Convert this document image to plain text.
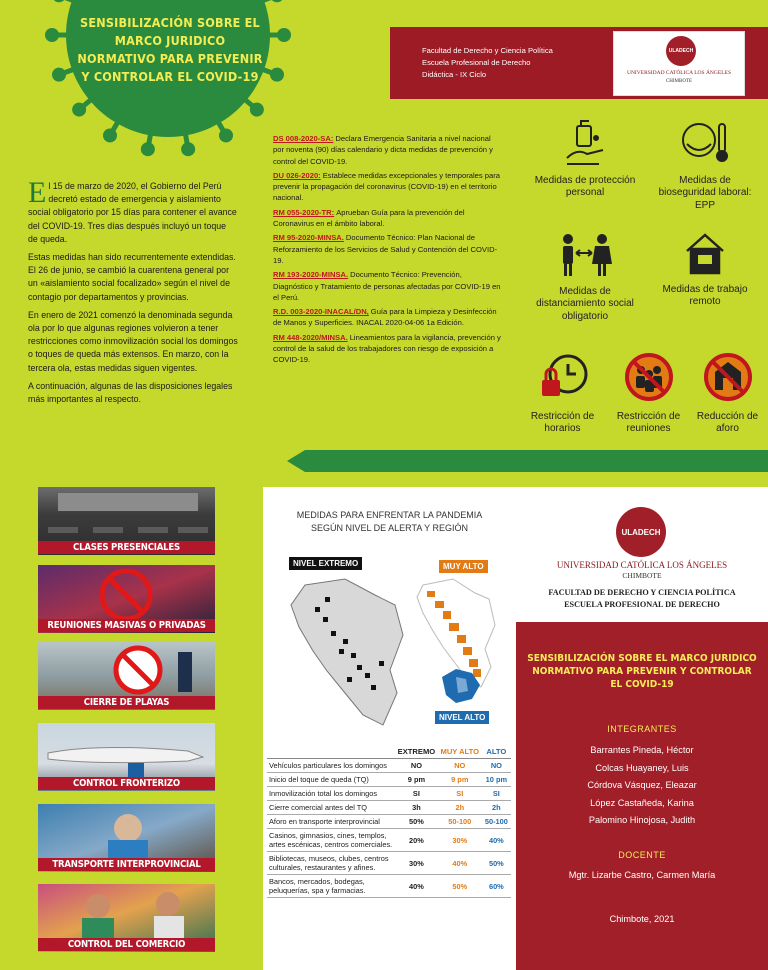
SENSIBILIZACIÓN SOBRE EL MARCO JURIDICO NORMATIVO PARA PREVENIR Y CONTROLAR EL COVID-19
Facultad de Derecho y Ciencia Política
Escuela Profesional de Derecho
Didáctica - IX Ciclo
ULADECH
UNIVERSIDAD CATÓLICA LOS ÁNGELES
CHIMBOTE

El 15 de marzo de 2020, el Gobierno del Perú decretó estado de emergencia y aislamiento social obligatorio por 15 días para contener el avance del COVID-19. Tres días después incluyó un toque de queda.

Estas medidas han sido recurrentemente extendidas. El 26 de junio, se cambió la cuarentena general por un «aislamiento social focalizado» según el nivel de contagio por departamentos y provincias.

En enero de 2021 comenzó la denominada segunda ola por lo que algunas regiones volvieron a tener restricciones como inmovilización social los domingos o toques de queda más extensos. En marzo, con la tercera ola, estas medidas siguen vigentes.

A continuación, algunas de las disposiciones legales más importantes al respecto.

DS 008-2020-SA: Declara Emergencia Sanitaria a nivel nacional por noventa (90) días calendario y dicta medidas de prevención y control del COVID-19.
DU 026-2020: Establece medidas excepcionales y temporales para prevenir la propagación del coronavirus (COVID-19) en el territorio nacional.
RM 055-2020-TR: Aprueban Guía para la prevención del Coronavirus en el ámbito laboral.
RM 95-2020-MINSA. Documento Técnico: Plan Nacional de Reforzamiento de los Servicios de Salud y Contención del COVID-19.
RM 193-2020-MINSA. Documento Técnico: Prevención, Diagnóstico y Tratamiento de personas afectadas por COVID-19 en el Perú.
R.D. 003-2020-INACAL/DN, Guía para la Limpieza y Desinfección de Manos y Superficies. INACAL 2020-04-06 1a Edición.
RM 448-2020/MINSA. Lineamientos para la vigilancia, prevención y control de la salud de los trabajadores con riesgo de exposición a COVID-19.
Medidas de protección personal
Medidas de bioseguridad laboral: EPP
Medidas de distanciamiento social obligatorio
Medidas de trabajo remoto
Restricción de horarios
Restricción de reuniones
Reducción de aforo
CLASES PRESENCIALES
REUNIONES MASIVAS O PRIVADAS
CIERRE DE PLAYAS
CONTROL FRONTERIZO
TRANSPORTE INTERPROVINCIAL
CONTROL DEL COMERCIO
MEDIDAS PARA ENFRENTAR LA PANDEMIA
SEGÚN NIVEL DE ALERTA Y REGIÓN
NIVEL EXTREMO	MUY ALTO
NIVEL ALTO
	EXTREMO	MUY ALTO	ALTO
Vehículos particulares los domingos	NO	NO	NO
Inicio del toque de queda (TQ)	9 pm	9 pm	10 pm
Inmovilización total los domingos	SI	SI	SI
Cierre comercial antes del TQ	3h	2h	2h
Aforo en transporte interprovincial	50%	50-100	50-100
Casinos, gimnasios, cines, templos, artes escénicas, centros comerciales.	20%	30%	40%
Bibliotecas, museos, clubes, centros culturales, restaurantes y afines.	30%	40%	50%
Bancos, mercados, bodegas, peluquerías, spa y farmacias.	40%	50%	60%
ULADECH
UNIVERSIDAD CATÓLICA LOS ÁNGELES
CHIMBOTE
FACULTAD DE DERECHO Y CIENCIA POLÍTICA
ESCUELA PROFESIONAL DE DERECHO
SENSIBILIZACIÓN SOBRE EL MARCO JURIDICO NORMATIVO PARA PREVENIR Y CONTROLAR EL COVID-19
INTEGRANTES
Barrantes Pineda, Héctor
Colcas Huayaney, Luis
Córdova Vásquez, Eleazar
López Castañeda, Karina
Palomino Hinojosa, Judith
DOCENTE
Mgtr. Lizarbe Castro, Carmen María
Chimbote, 2021
